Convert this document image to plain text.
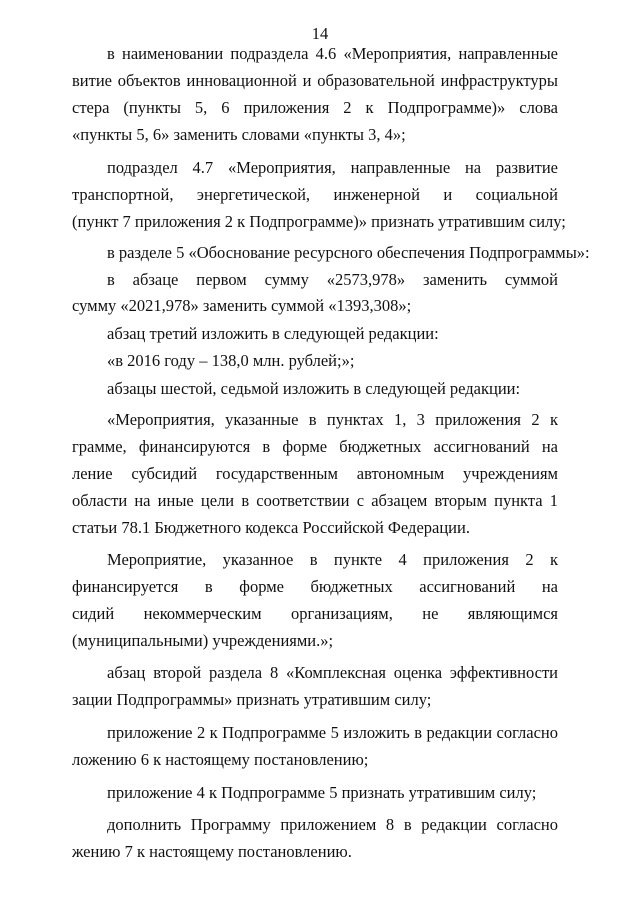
14
в наименовании подраздела 4.6 «Мероприятия, направленные
витие объектов инновационной и образовательной инфраструктуры
стера (пункты 5, 6 приложения 2 к Подпрограмме)» слова
«пункты 5, 6» заменить словами «пункты 3, 4»;
подраздел 4.7 «Мероприятия, направленные на развитие
транспортной, энергетической, инженерной и социальной
(пункт 7 приложения 2 к Подпрограмме)» признать утратившим силу;
в разделе 5 «Обоснование ресурсного обеспечения Подпрограммы»:
в абзаце первом сумму «2573,978» заменить суммой
сумму «2021,978» заменить суммой «1393,308»;
абзац третий изложить в следующей редакции:
«в 2016 году – 138,0 млн. рублей;»;
абзацы шестой, седьмой изложить в следующей редакции:
«Мероприятия, указанные в пунктах 1, 3 приложения 2 к
грамме, финансируются в форме бюджетных ассигнований на
ление субсидий государственным автономным учреждениям
области на иные цели в соответствии с абзацем вторым пункта 1
статьи 78.1 Бюджетного кодекса Российской Федерации.
Мероприятие, указанное в пункте 4 приложения 2 к
финансируется в форме бюджетных ассигнований на
сидий некоммерческим организациям, не являющимся
(муниципальными) учреждениями.»;
абзац второй раздела 8 «Комплексная оценка эффективности
зации Подпрограммы» признать утратившим силу;
приложение 2 к Подпрограмме 5 изложить в редакции согласно
ложению 6 к настоящему постановлению;
приложение 4 к Подпрограмме 5 признать утратившим силу;
дополнить Программу приложением 8 в редакции согласно
жению 7 к настоящему постановлению.
